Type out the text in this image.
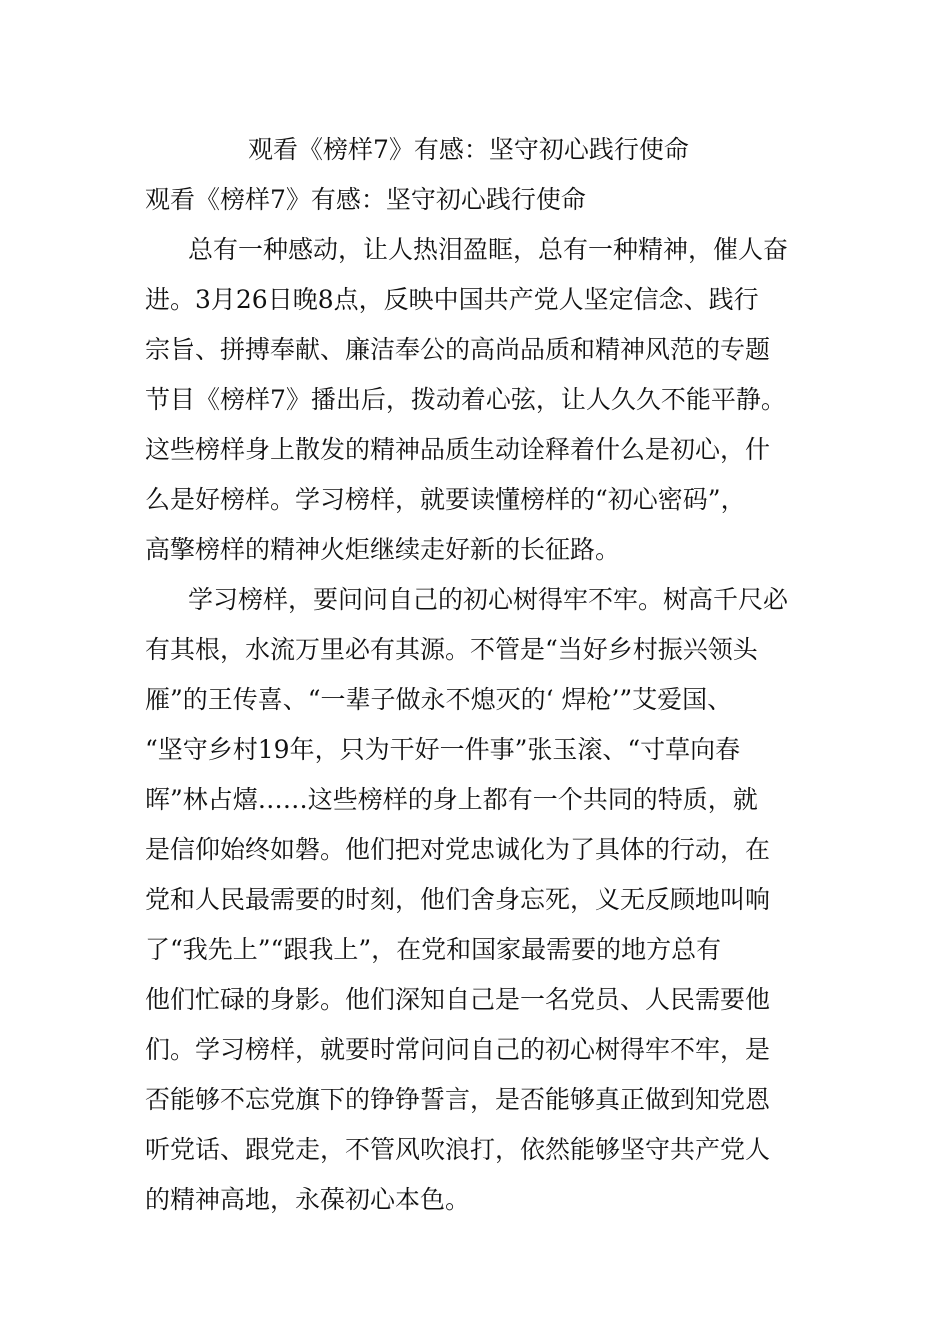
观看《榜样7》有感：坚守初心践行使命
观看《榜样7》有感：坚守初心践行使命
总有一种感动，让人热泪盈眶，总有一种精神，催人奋
进。3月26日晚8点，反映中国共产党人坚定信念、践行
宗旨、拼搏奉献、廉洁奉公的高尚品质和精神风范的专题
节目《榜样7》播出后，拨动着心弦，让人久久不能平静。
这些榜样身上散发的精神品质生动诠释着什么是初心，什
么是好榜样。学习榜样，就要读懂榜样的“初心密码”，
高擎榜样的精神火炬继续走好新的长征路。
学习榜样，要问问自己的初心树得牢不牢。树高千尺必
有其根，水流万里必有其源。不管是“当好乡村振兴领头
雁”的王传喜、“一辈子做永不熄灭的‘ 焊枪’”艾爱国、
“坚守乡村19年，只为干好一件事”张玉滚、“寸草向春
晖”林占熺……这些榜样的身上都有一个共同的特质，就
是信仰始终如磐。他们把对党忠诚化为了具体的行动，在
党和人民最需要的时刻，他们舍身忘死，义无反顾地叫响
了“我先上”“跟我上”，在党和国家最需要的地方总有
他们忙碌的身影。他们深知自己是一名党员、人民需要他
们。学习榜样，就要时常问问自己的初心树得牢不牢，是
否能够不忘党旗下的铮铮誓言，是否能够真正做到知党恩
听党话、跟党走，不管风吹浪打，依然能够坚守共产党人
的精神高地，永葆初心本色。
